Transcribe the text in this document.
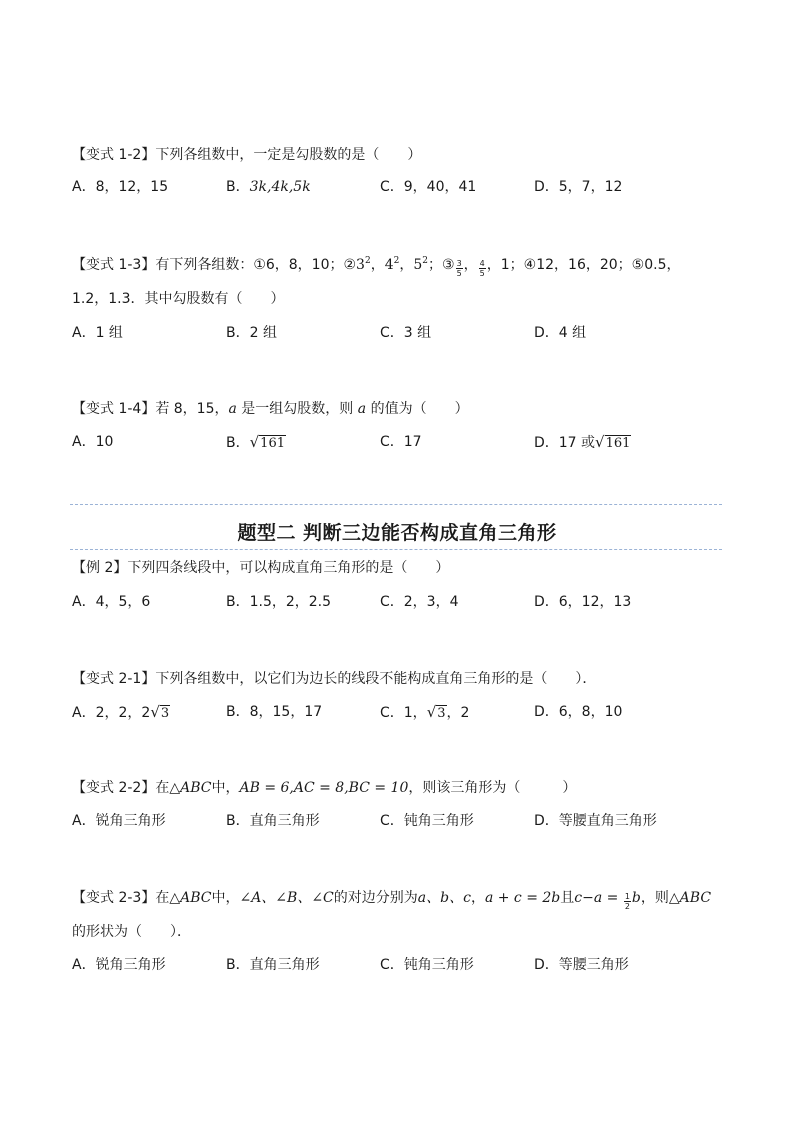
【变式 1-2】下列各组数中，一定是勾股数的是（　　）
A．8，12，15	B．3k,4k,5k	C．9，40，41	D．5，7，12
【变式 1-3】有下列各组数：①6，8，10；$②3^2$，$4^2$，$5^2$；③ $\frac{3}{5}$ ， $\frac{4}{5}$ ，1；④12，16，20；⑤0.5，
1.2，1.3．其中勾股数有（　　）
A．1 组	B．2 组	C．3 组	D．4 组
【变式 1-4】若 8，15，a 是一组勾股数，则 a 的值为（　　）
A．10	B．√161	C．17	D．17 或√161
题型二 判断三边能否构成直角三角形
【例 2】下列四条线段中，可以构成直角三角形的是（　　）
A．4，5，6	B．1.5，2，2.5	C．2，3，4	D．6，12，13
【变式 2-1】下列各组数中，以它们为边长的线段不能构成直角三角形的是（　　）．
A．2，2，2√3	B．8，15，17	C．1，√3，2	D．6，8，10
【变式 2-2】在△ABC中，AB = 6,AC = 8,BC = 10，则该三角形为（　　　）
A．锐角三角形	B．直角三角形	C．钝角三角形	D．等腰直角三角形
【变式 2-3】在△ABC中，∠A、∠B、∠C的对边分别为a、b、c，a + c = 2b且$c-a = \frac{1}{2}$ b，则△ABC
的形状为（　　）．
A．锐角三角形	B．直角三角形	C．钝角三角形	D．等腰三角形
